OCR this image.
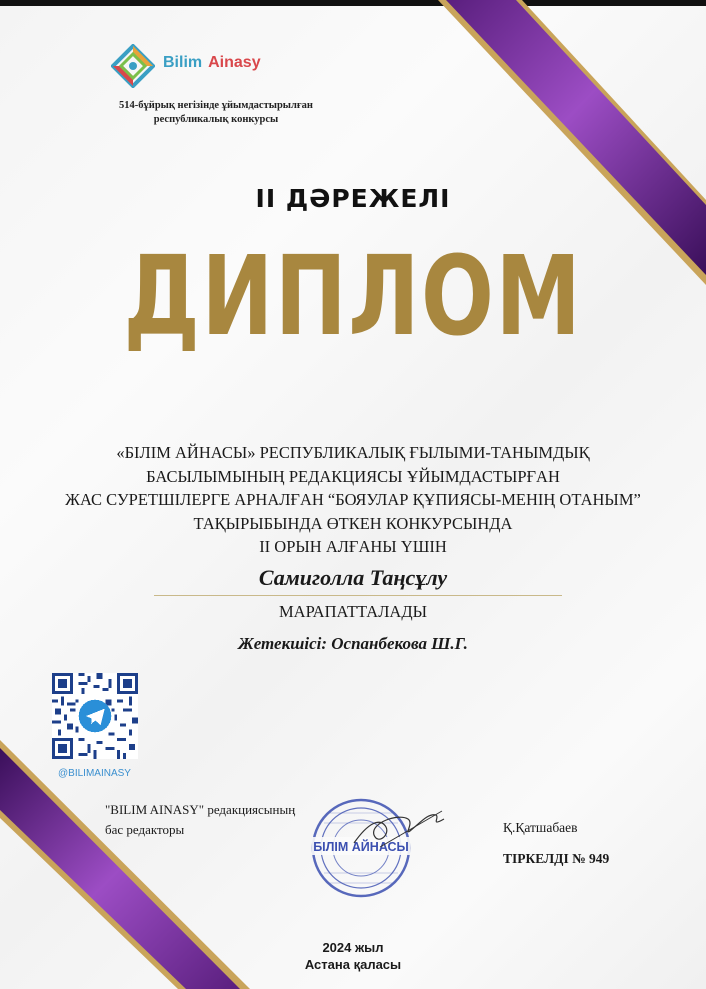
Bilim Ainasy
514-бұйрық негізінде ұйымдастырылған
республикалық конкурсы
II ДӘРЕЖЕЛІ
ДИПЛОМ
«БІЛІМ АЙНАСЫ» РЕСПУБЛИКАЛЫҚ ҒЫЛЫМИ-ТАНЫМДЫҚ
БАСЫЛЫМЫНЫҢ РЕДАКЦИЯСЫ ҰЙЫМДАСТЫРҒАН
ЖАС СУРЕТШІЛЕРГЕ АРНАЛҒАН “БОЯУЛАР ҚҰПИЯСЫ-МЕНІҢ ОТАНЫМ”
ТАҚЫРЫБЫНДА ӨТКЕН КОНКУРСЫНДА
II ОРЫН АЛҒАНЫ ҮШІН
Самиголла Таңсұлу
МАРАПАТТАЛАДЫ
Жетекшісі: Оспанбекова Ш.Г.
@BILIMAINASY
"BILIM AINASY" редакциясының
бас редакторы
БІЛІМ АЙНАСЫ
Қ.Қатшабаев
ТІРКЕЛДІ № 949
2024 жыл
Астана қаласы
